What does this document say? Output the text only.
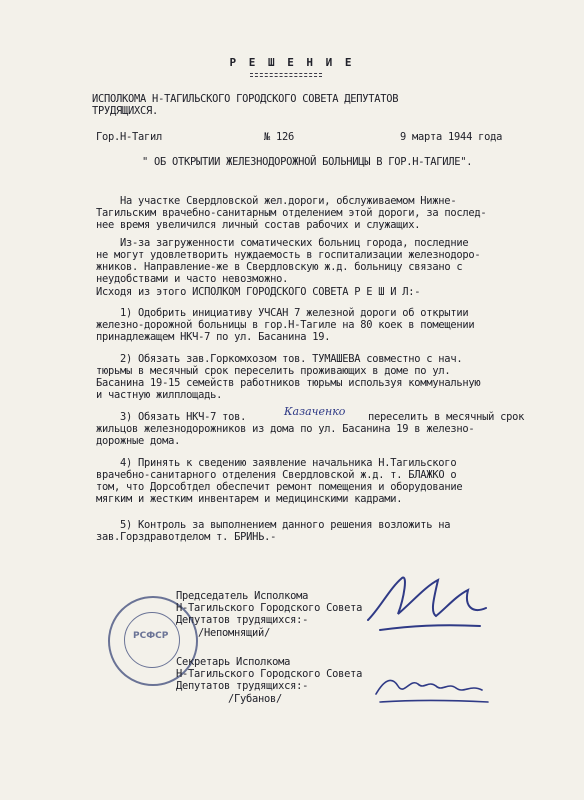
Р Е Ш Е Н И Е
ИСПОЛКОМА Н-ТАГИЛЬСКОГО ГОРОДСКОГО СОВЕТА ДЕПУТАТОВ
ТРУДЯЩИХСЯ.
Гор.Н-Тагил	№ 126	9 марта 1944 года
" ОБ ОТКРЫТИИ ЖЕЛЕЗНОДОРОЖНОЙ БОЛЬНИЦЫ В ГОР.Н-ТАГИЛЕ".
На участке Свердловской жел.дороги, обслуживаемом Нижне-
Тагильским врачебно-санитарным отделением этой дороги, за послед-
нее время увеличился личный состав рабочих и служащих.
Из-за загруженности соматических больниц города, последние
не могут удовлетворить нуждаемость в госпитализации железнодоро-
жников. Направление-же в Свердловскую ж.д. больницу связано с
неудобствами и часто невозможно.
Исходя из этого ИСПОЛКОМ ГОРОДСКОГО СОВЕТА Р Е Ш И Л:-
1) Одобрить инициативу УЧСАН 7 железной дороги об открытии
железно-дорожной больницы в гор.Н-Тагиле на 80 коек в помещении
принадлежащем НКЧ-7 по ул. Басанина 19.
2) Обязать зав.Горкомхозом тов. ТУМАШЕВА совместно с нач.
тюрьмы в месячный срок переселить проживающих в доме по ул.
Басанина 19-15 семейств работников тюрьмы используя коммунальную
и частную жилплощадь.
3) Обязать НКЧ-7 тов.	Казаченко переселить в месячный срок
жильцов железнодорожников из дома по ул. Басанина 19 в железно-
дорожные дома.
4) Принять к сведению заявление начальника Н.Тагильского
врачебно-санитарного отделения Свердловской ж.д. т. БЛАЖКО о
том, что Дорсобтдел обеспечит ремонт помещения и оборудование
мягким и жестким инвентарем и медицинскими кадрами.
5) Контроль за выполнением данного решения возложить на
зав.Горздравотделом т. БРИНЬ.-
РСФСР
Председатель Исполкома
Н-Тагильского Городского Совета
Депутатов трудящихся:-
/Непомнящий/
Секретарь Исполкома
Н-Тагильского Городского Совета
Депутатов трудящихся:-
/Губанов/
